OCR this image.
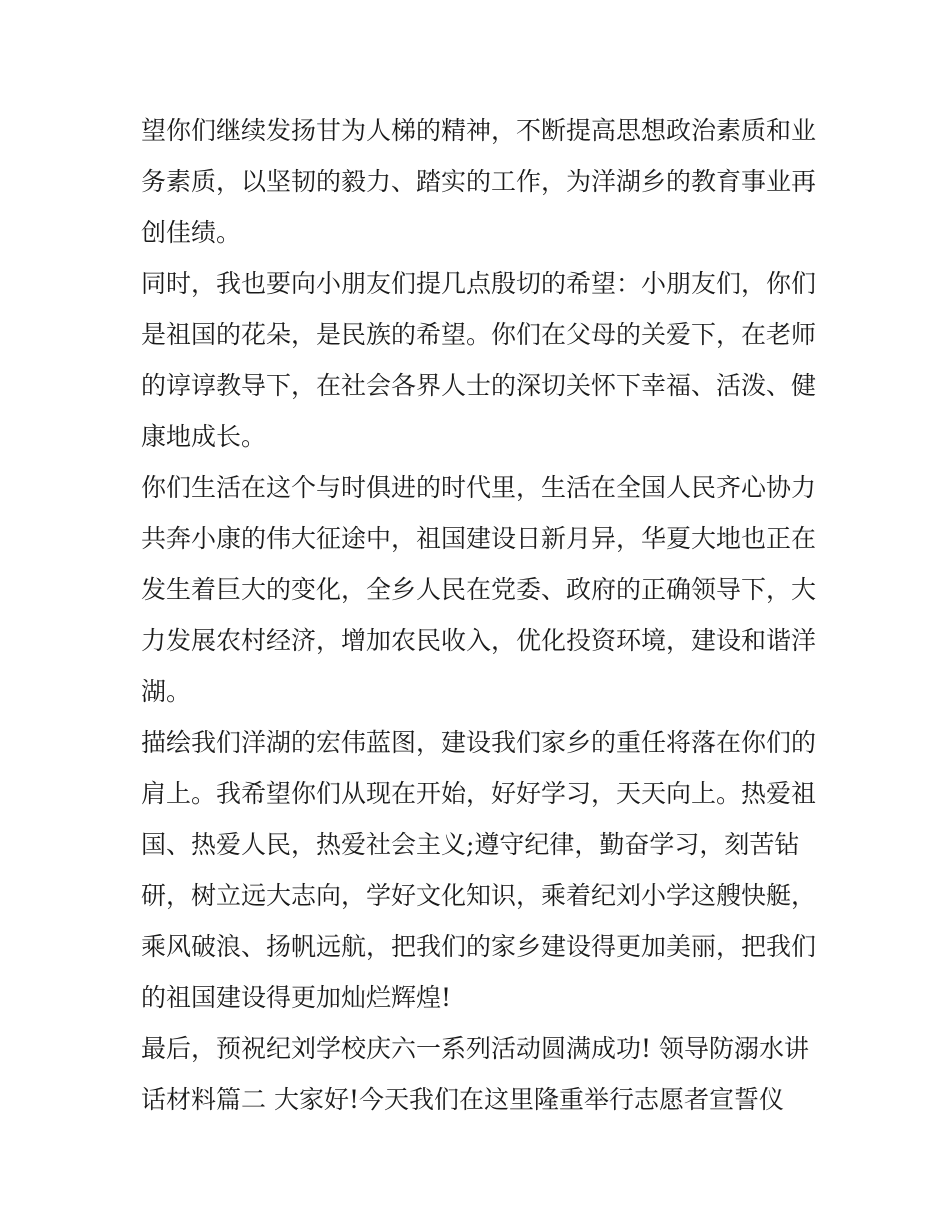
望你们继续发扬甘为人梯的精神，不断提高思想政治素质和业
务素质，以坚韧的毅力、踏实的工作，为洋湖乡的教育事业再
创佳绩。
同时，我也要向小朋友们提几点殷切的希望：小朋友们，你们
是祖国的花朵，是民族的希望。你们在父母的关爱下，在老师
的谆谆教导下，在社会各界人士的深切关怀下幸福、活泼、健
康地成长。
你们生活在这个与时俱进的时代里，生活在全国人民齐心协力
共奔小康的伟大征途中，祖国建设日新月异，华夏大地也正在
发生着巨大的变化，全乡人民在党委、政府的正确领导下，大
力发展农村经济，增加农民收入，优化投资环境，建设和谐洋
湖。
描绘我们洋湖的宏伟蓝图，建设我们家乡的重任将落在你们的
肩上。我希望你们从现在开始，好好学习，天天向上。热爱祖
国、热爱人民，热爱社会主义;遵守纪律，勤奋学习，刻苦钻
研，树立远大志向，学好文化知识，乘着纪刘小学这艘快艇，
乘风破浪、扬帆远航，把我们的家乡建设得更加美丽，把我们
的祖国建设得更加灿烂辉煌!
最后，预祝纪刘学校庆六一系列活动圆满成功! 领导防溺水讲
话材料篇二 大家好!今天我们在这里隆重举行志愿者宣誓仪
